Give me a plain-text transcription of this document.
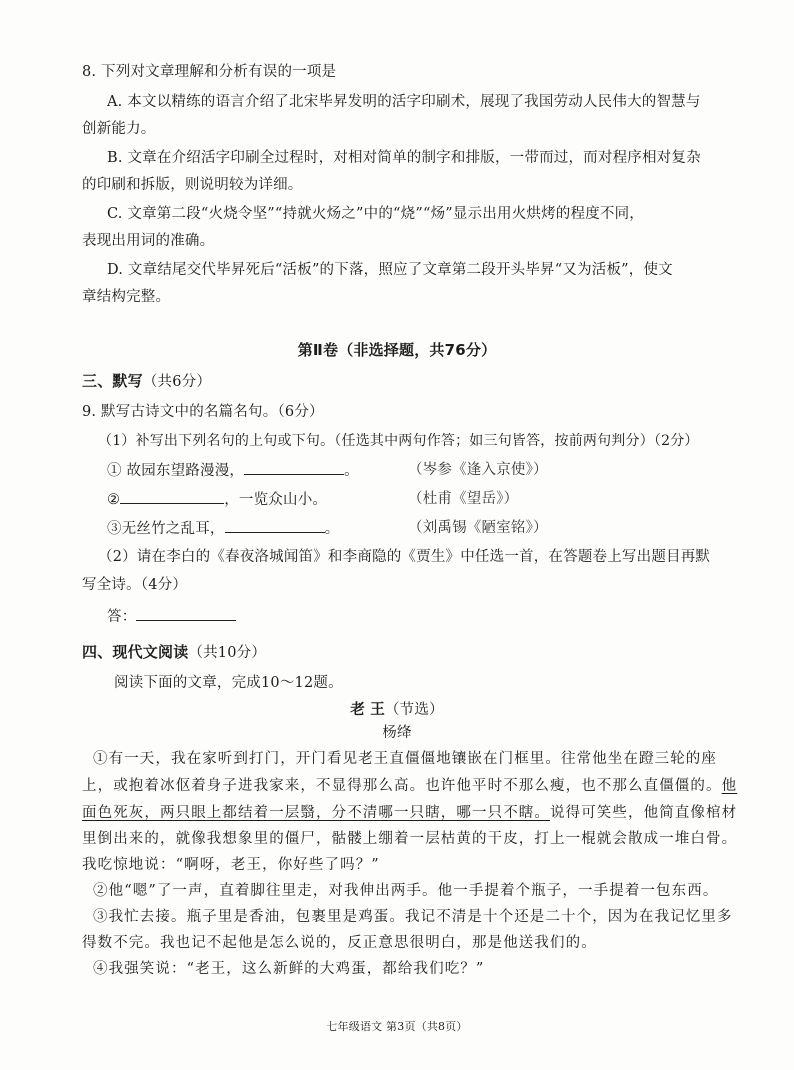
8. 下列对文章理解和分析有误的一项是
A. 本文以精练的语言介绍了北宋毕昇发明的活字印刷术，展现了我国劳动人民伟大的智慧与
创新能力。
B. 文章在介绍活字印刷全过程时，对相对简单的制字和排版，一带而过，而对程序相对复杂
的印刷和拆版，则说明较为详细。
C. 文章第二段“火烧令坚”“持就火炀之”中的“烧”“炀”显示出用火烘烤的程度不同，
表现出用词的准确。
D. 文章结尾交代毕昇死后“活板”的下落，照应了文章第二段开头毕昇“又为活板”，使文
章结构完整。
第Ⅱ卷（非选择题，共76分）
三、默写（共6分）
9. 默写古诗文中的名篇名句。（6分）
（1）补写出下列名句的上句或下句。（任选其中两句作答；如三句皆答，按前两句判分）（2分）
① 故园东望路漫漫，	。	（岑参《逢入京使》）
②	，一览众山小。	（杜甫《望岳》）
③无丝竹之乱耳，	。	（刘禹锡《陋室铭》）
（2）请在李白的《春夜洛城闻笛》和李商隐的《贾生》中任选一首，在答题卷上写出题目再默
写全诗。（4分）
答：
四、现代文阅读（共10分）
阅读下面的文章，完成10～12题。
老 王（节选）
杨绛
①有一天，我在家听到打门，开门看见老王直僵僵地镶嵌在门框里。往常他坐在蹬三轮的座
上，或抱着冰伛着身子进我家来，不显得那么高。也许他平时不那么瘦，也不那么直僵僵的。他
面色死灰，两只眼上都结着一层翳，分不清哪一只瞎，哪一只不瞎。说得可笑些，他简直像棺材
里倒出来的，就像我想象里的僵尸，骷髅上绷着一层枯黄的干皮，打上一棍就会散成一堆白骨。
我吃惊地说：“啊呀，老王，你好些了吗？”
②他“嗯”了一声，直着脚往里走，对我伸出两手。他一手提着个瓶子，一手提着一包东西。
③我忙去接。瓶子里是香油，包裹里是鸡蛋。我记不清是十个还是二十个，因为在我记忆里多
得数不完。我也记不起他是怎么说的，反正意思很明白，那是他送我们的。
④我强笑说：“老王，这么新鲜的大鸡蛋，都给我们吃？”
七年级语文 第3页（共8页）
